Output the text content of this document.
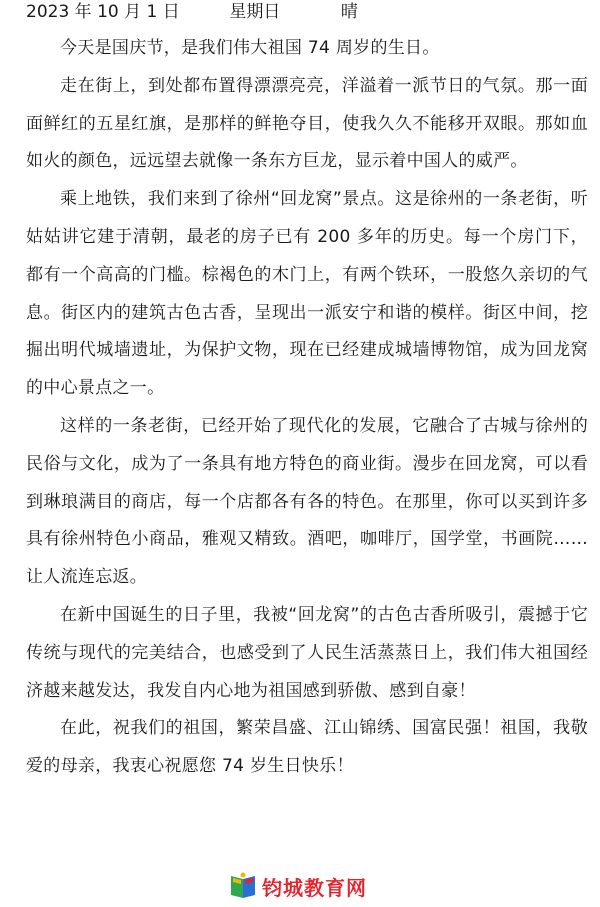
2023 年 10 月 1 日	星期日	晴

今天是国庆节，是我们伟大祖国 74 周岁的生日。

走在街上，到处都布置得漂漂亮亮，洋溢着一派节日的气氛。那一面面鲜红的五星红旗，是那样的鲜艳夺目，使我久久不能移开双眼。那如血如火的颜色，远远望去就像一条东方巨龙，显示着中国人的威严。

乘上地铁，我们来到了徐州“回龙窝”景点。这是徐州的一条老街，听姑姑讲它建于清朝，最老的房子已有 200 多年的历史。每一个房门下，都有一个高高的门槛。棕褐色的木门上，有两个铁环，一股悠久亲切的气息。街区内的建筑古色古香，呈现出一派安宁和谐的模样。街区中间，挖掘出明代城墙遗址，为保护文物，现在已经建成城墙博物馆，成为回龙窝的中心景点之一。

这样的一条老街，已经开始了现代化的发展，它融合了古城与徐州的民俗与文化，成为了一条具有地方特色的商业街。漫步在回龙窝，可以看到琳琅满目的商店，每一个店都各有各的特色。在那里，你可以买到许多具有徐州特色小商品，雅观又精致。酒吧，咖啡厅，国学堂，书画院……让人流连忘返。

在新中国诞生的日子里，我被“回龙窝”的古色古香所吸引，震撼于它传统与现代的完美结合，也感受到了人民生活蒸蒸日上，我们伟大祖国经济越来越发达，我发自内心地为祖国感到骄傲、感到自豪！

在此，祝我们的祖国，繁荣昌盛、江山锦绣、国富民强！祖国，我敬爱的母亲，我衷心祝愿您 74 岁生日快乐！

钧城教育网
